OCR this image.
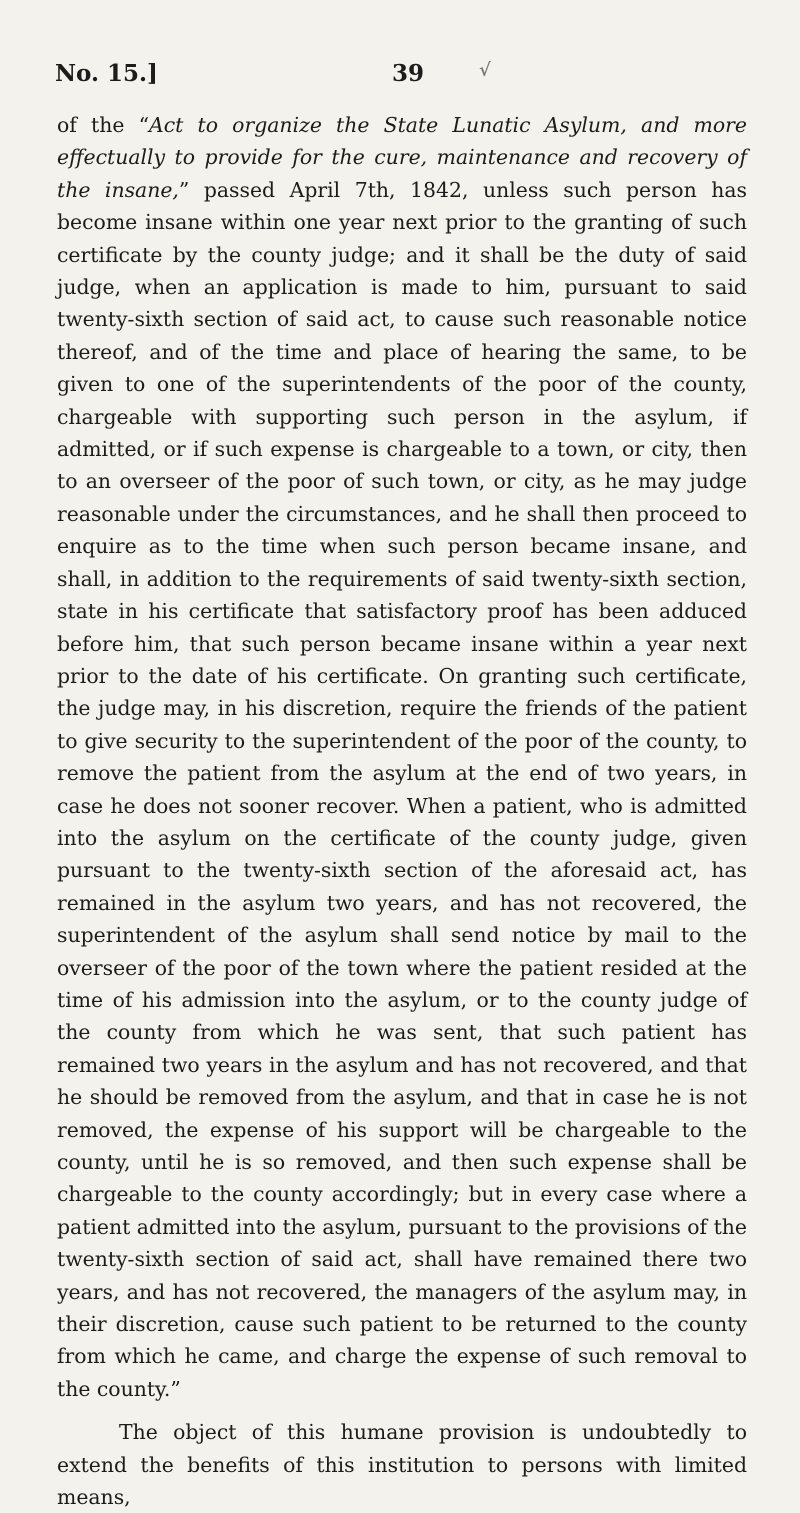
No. 15.]	39	√

of the “Act to organize the State Lunatic Asylum, and more effectually to provide for the cure, maintenance and recovery of the insane,” passed April 7th, 1842, unless such person has become insane within one year next prior to the granting of such certificate by the county judge; and it shall be the duty of said judge, when an application is made to him, pursuant to said twenty-sixth section of said act, to cause such reasonable notice thereof, and of the time and place of hearing the same, to be given to one of the superintendents of the poor of the county, chargeable with supporting such person in the asylum, if admitted, or if such expense is chargeable to a town, or city, then to an overseer of the poor of such town, or city, as he may judge reasonable under the circumstances, and he shall then proceed to enquire as to the time when such person became insane, and shall, in addition to the requirements of said twenty-sixth section, state in his certificate that satisfactory proof has been adduced before him, that such person became insane within a year next prior to the date of his certificate. On granting such certificate, the judge may, in his discretion, require the friends of the patient to give security to the superintendent of the poor of the county, to remove the patient from the asylum at the end of two years, in case he does not sooner recover. When a patient, who is admitted into the asylum on the certificate of the county judge, given pursuant to the twenty-sixth section of the aforesaid act, has remained in the asylum two years, and has not recovered, the superintendent of the asylum shall send notice by mail to the overseer of the poor of the town where the patient resided at the time of his admission into the asylum, or to the county judge of the county from which he was sent, that such patient has remained two years in the asylum and has not recovered, and that he should be removed from the asylum, and that in case he is not removed, the expense of his support will be chargeable to the county, until he is so removed, and then such expense shall be chargeable to the county accordingly; but in every case where a patient admitted into the asylum, pursuant to the provisions of the twenty-sixth section of said act, shall have remained there two years, and has not recovered, the managers of the asylum may, in their discretion, cause such patient to be returned to the county from which he came, and charge the expense of such removal to the county.”

The object of this humane provision is undoubtedly to extend the benefits of this institution to persons with limited means,
